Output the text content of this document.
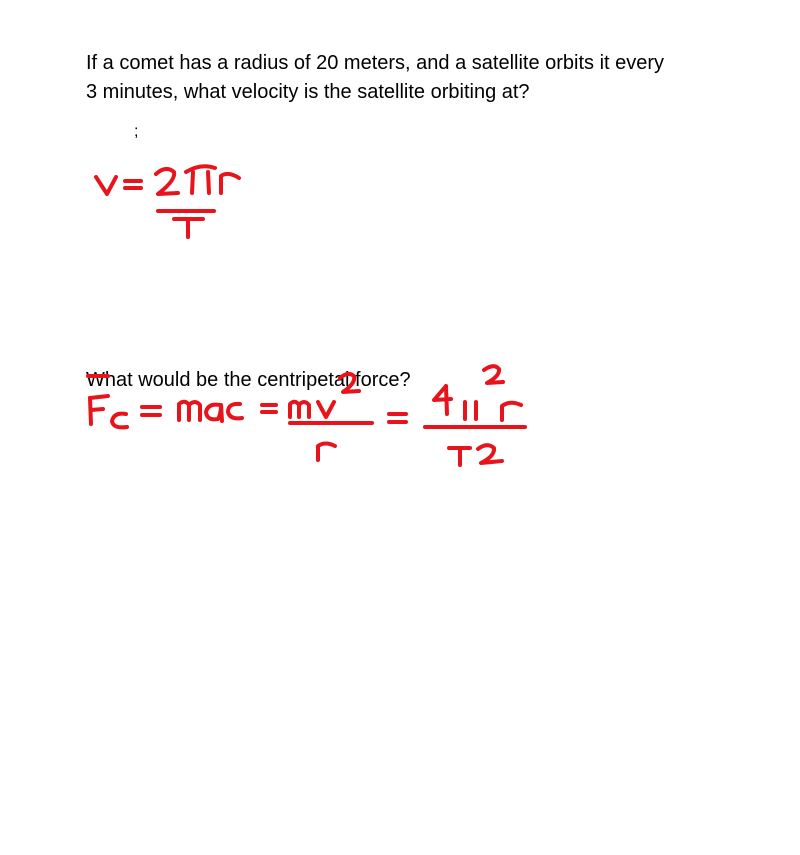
If a comet has a radius of 20 meters, and a satellite orbits it every

3 minutes, what velocity is the satellite orbiting at?

;

What would be the centripetal force?
